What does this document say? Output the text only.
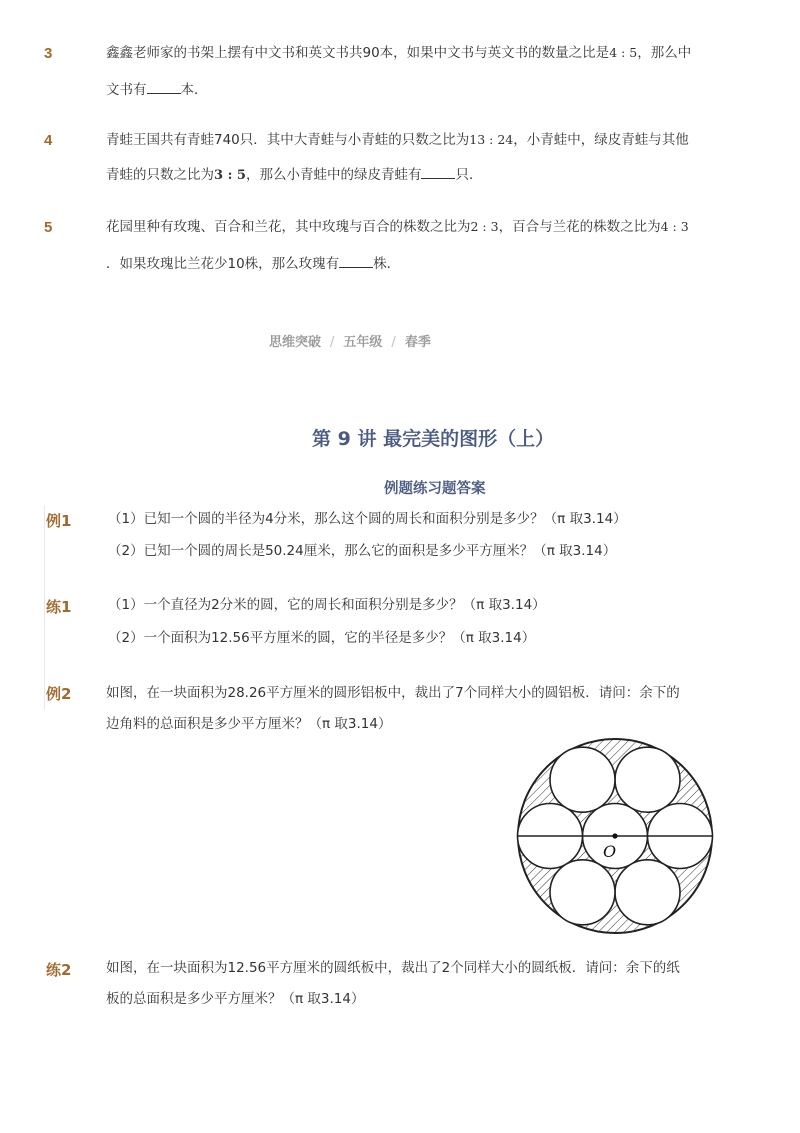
3	鑫鑫老师家的书架上摆有中文书和英文书共90本，如果中文书与英文书的数量之比是4 : 5，那么中
文书有	本．
4	青蛙王国共有青蛙740只．其中大青蛙与小青蛙的只数之比为13 : 24，小青蛙中，绿皮青蛙与其他
青蛙的只数之比为3 : 5，那么小青蛙中的绿皮青蛙有	只．
5	花园里种有玫瑰、百合和兰花，其中玫瑰与百合的株数之比为2 : 3，百合与兰花的株数之比为4 : 3
．如果玫瑰比兰花少10株，那么玫瑰有	株．
思维突破 / 五年级 / 春季
第 9 讲 最完美的图形（上）
例题练习题答案
例1	（1）已知一个圆的半径为4分米，那么这个圆的周长和面积分别是多少？（π 取3.14）
（2）已知一个圆的周长是50.24厘米，那么它的面积是多少平方厘米？（π 取3.14）
练1	（1）一个直径为2分米的圆，它的周长和面积分别是多少？（π 取3.14）
（2）一个面积为12.56平方厘米的圆，它的半径是多少？（π 取3.14）
例2	如图，在一块面积为28.26平方厘米的圆形铝板中，裁出了7个同样大小的圆铝板．请问：余下的
边角料的总面积是多少平方厘米？（π 取3.14）
O
练2	如图，在一块面积为12.56平方厘米的圆纸板中，裁出了2个同样大小的圆纸板．请问：余下的纸
板的总面积是多少平方厘米？（π 取3.14）
